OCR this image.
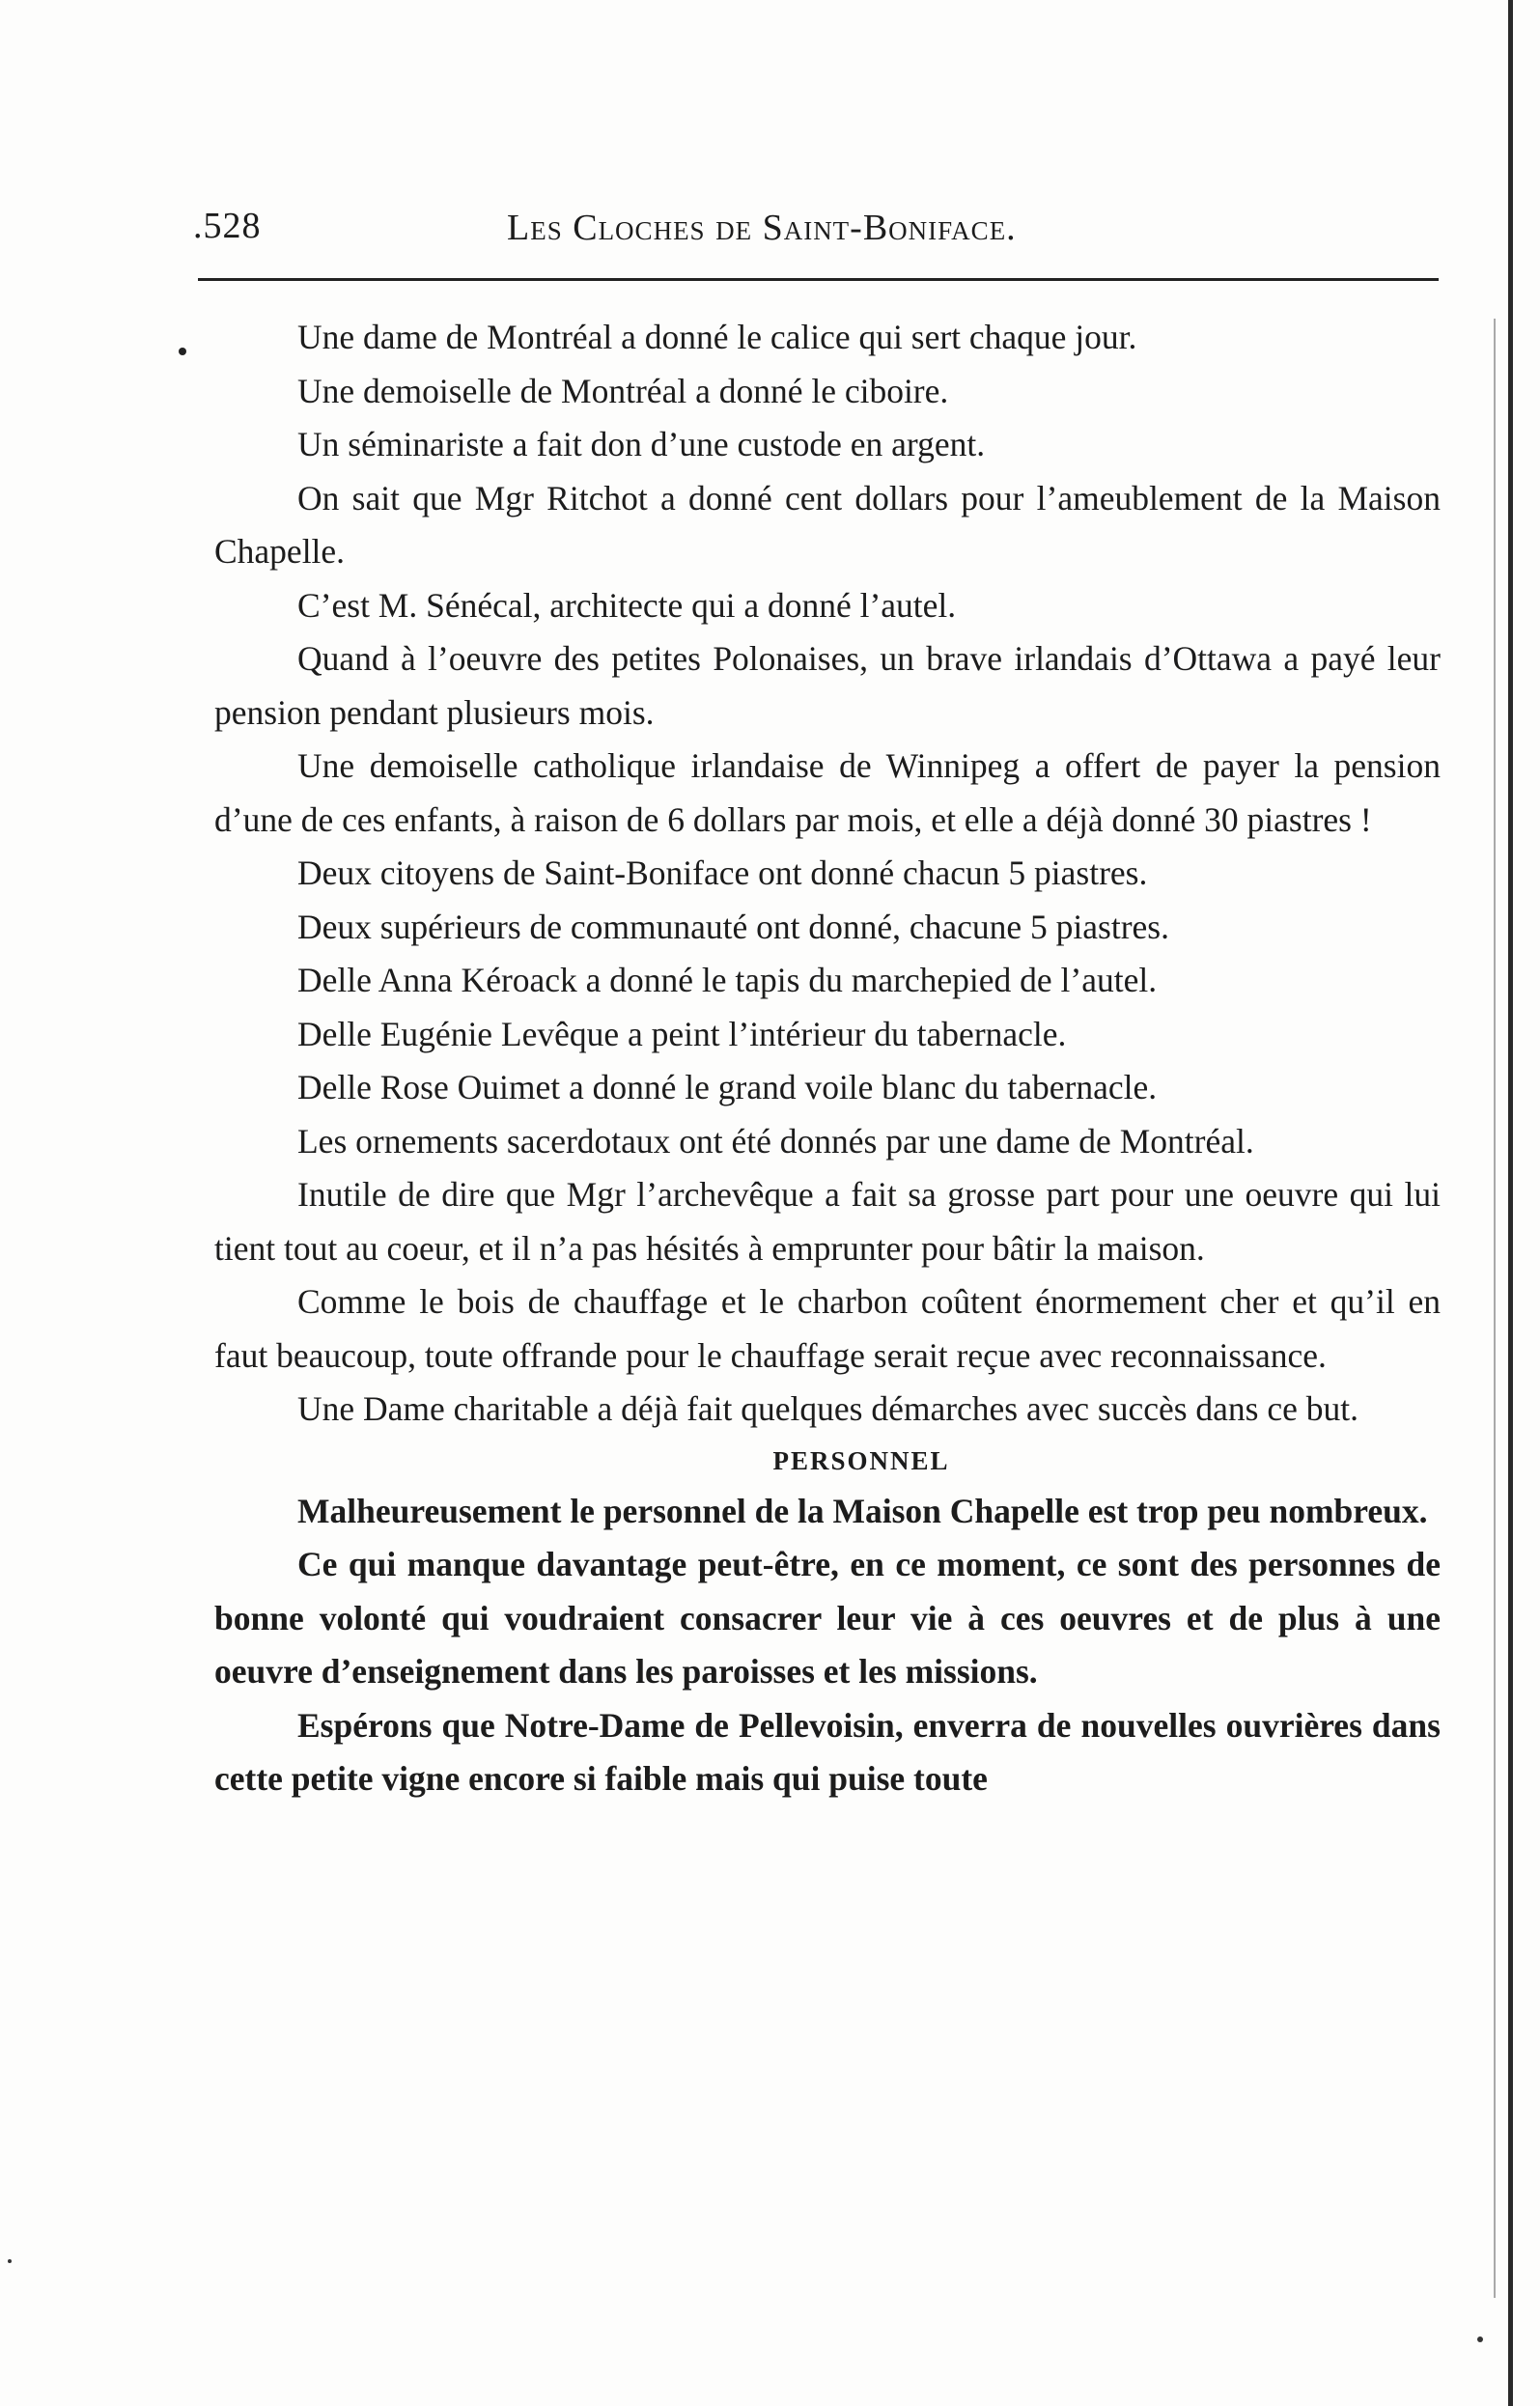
.528	Les Cloches de Saint-Boniface.

Une dame de Montréal a donné le calice qui sert chaque jour.

Une demoiselle de Montréal a donné le ciboire.

Un séminariste a fait don d’une custode en argent.

On sait que Mgr Ritchot a donné cent dollars pour l’ameublement de la Maison Chapelle.

C’est M. Sénécal, architecte qui a donné l’autel.

Quand à l’oeuvre des petites Polonaises, un brave irlandais d’Ottawa a payé leur pension pendant plusieurs mois.

Une demoiselle catholique irlandaise de Winnipeg a offert de payer la pension d’une de ces enfants, à raison de 6 dollars par mois, et elle a déjà donné 30 piastres !

Deux citoyens de Saint-Boniface ont donné chacun 5 piastres.

Deux supérieurs de communauté ont donné, chacune 5 piastres.

Delle Anna Kéroack a donné le tapis du marchepied de l’autel.

Delle Eugénie Levêque a peint l’intérieur du tabernacle.

Delle Rose Ouimet a donné le grand voile blanc du tabernacle.

Les ornements sacerdotaux ont été donnés par une dame de Montréal.

Inutile de dire que Mgr l’archevêque a fait sa grosse part pour une oeuvre qui lui tient tout au coeur, et il n’a pas hésités à emprunter pour bâtir la maison.

Comme le bois de chauffage et le charbon coûtent énormement cher et qu’il en faut beaucoup, toute offrande pour le chauffage serait reçue avec reconnaissance.

Une Dame charitable a déjà fait quelques démarches avec succès dans ce but.

PERSONNEL

Malheureusement le personnel de la Maison Chapelle est trop peu nombreux.

Ce qui manque davantage peut-être, en ce moment, ce sont des personnes de bonne volonté qui voudraient consacrer leur vie à ces oeuvres et de plus à une oeuvre d’enseignement dans les paroisses et les missions.

Espérons que Notre-Dame de Pellevoisin, enverra de nouvelles ouvrières dans cette petite vigne encore si faible mais qui puise toute
